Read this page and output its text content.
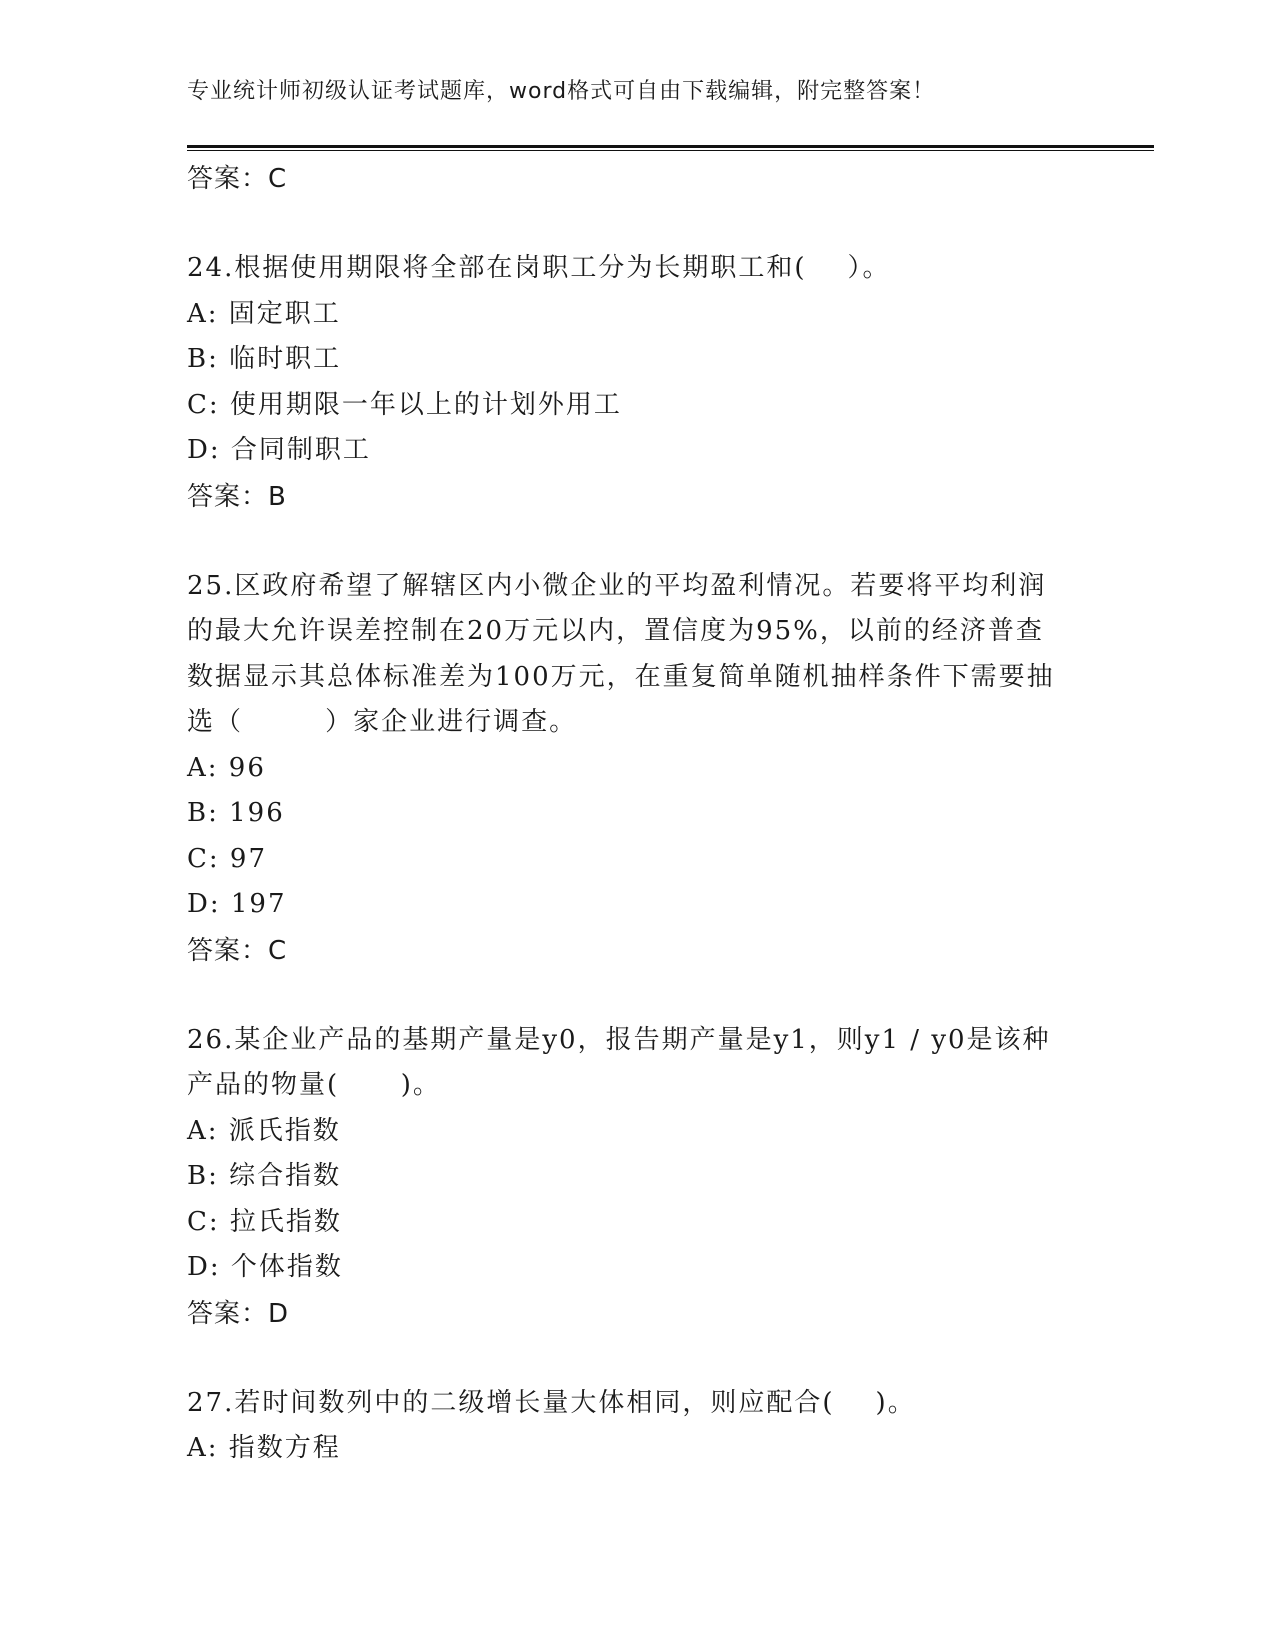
专业统计师初级认证考试题库，word格式可自由下载编辑，附完整答案！
答案：C
24.根据使用期限将全部在岗职工分为长期职工和(    ）。
A: 固定职工
B: 临时职工
C: 使用期限一年以上的计划外用工
D: 合同制职工
答案：B
25.区政府希望了解辖区内小微企业的平均盈利情况。若要将平均利润的最大允许误差控制在20万元以内，置信度为95%，以前的经济普查数据显示其总体标准差为100万元，在重复简单随机抽样条件下需要抽选（        ）家企业进行调查。
A: 96
B: 196
C: 97
D: 197
答案：C
26.某企业产品的基期产量是y0，报告期产量是y1，则y1 / y0是该种产品的物量(      )。
A: 派氏指数
B: 综合指数
C: 拉氏指数
D: 个体指数
答案：D
27.若时间数列中的二级增长量大体相同，则应配合(    )。
A: 指数方程
